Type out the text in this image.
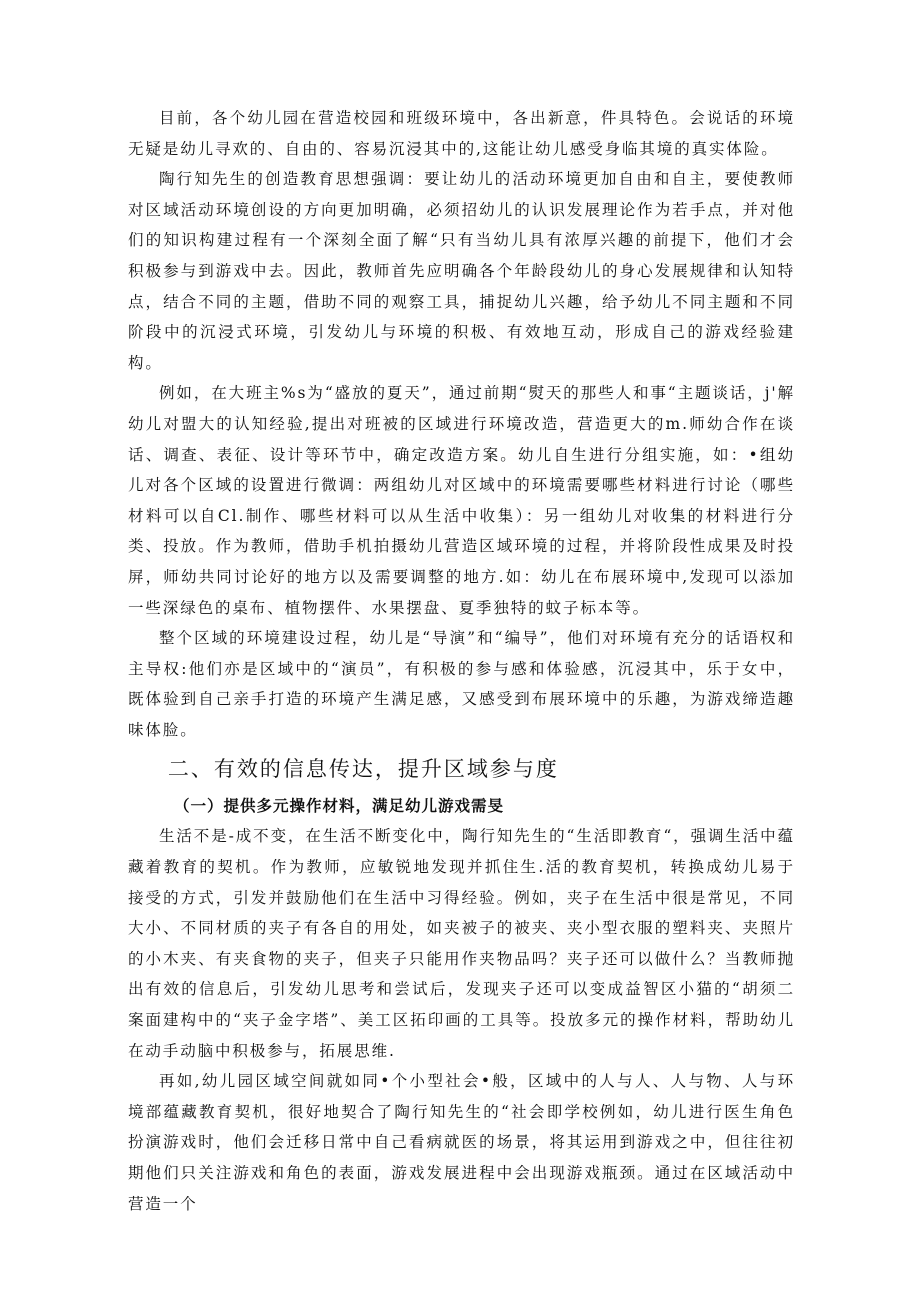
目前，各个幼儿园在营造校园和班级环境中，各出新意，件具特色。会说话的环境无疑是幼儿寻欢的、自由的、容易沉浸其中的,这能让幼儿感受身临其境的真实体险。

陶行知先生的创造教育思想强调：要让幼儿的活动环境更加自由和自主，要使教师对区域活动环境创设的方向更加明确，必须招幼儿的认识发展理论作为若手点，并对他们的知识构建过程有一个深刻全面了解“只有当幼儿具有浓厚兴趣的前提下，他们才会积极参与到游戏中去。因此，教师首先应明确各个年龄段幼儿的身心发展规律和认知特点，结合不同的主题，借助不同的观察工具，捕捉幼儿兴趣，给予幼儿不同主题和不同阶段中的沉浸式环境，引发幼儿与环境的积极、有效地互动，形成自己的游戏经验建构。

例如，在大班主%s为“盛放的夏天”，通过前期“熨天的那些人和事“主题谈话，j'解幼儿对盟大的认知经验,提出对班被的区域进行环境改造，营造更大的m.师幼合作在谈话、调查、表征、设计等环节中，确定改造方案。幼儿自生进行分组实施，如：•组幼儿对各个区域的设置进行微调：两组幼儿对区域中的环境需要哪些材料进行讨论（哪些材料可以自Cl.制作、哪些材料可以从生活中收集）：另一组幼儿对收集的材料进行分类、投放。作为教师，借助手机拍摄幼儿营造区域环境的过程，并将阶段性成果及时投屏，师幼共同讨论好的地方以及需要调整的地方.如：幼儿在布展环境中,发现可以添加一些深绿色的桌布、植物摆件、水果摆盘、夏季独特的蚊子标本等。

整个区域的环境建设过程，幼儿是“导演”和“编导”，他们对环境有充分的话语权和主导权:他们亦是区域中的“演员”，有积极的参与感和体验感，沉浸其中，乐于女中，既体验到自己亲手打造的环境产生满足感，又感受到布展环境中的乐趣，为游戏缔造趣味体脸。

二、有效的信息传达，提升区域参与度
（一）提供多元操作材料，满足幼儿游戏需旻

生活不是-成不变，在生活不断变化中，陶行知先生的“生活即教育“，强调生活中蕴藏着教育的契机。作为教师，应敏锐地发现并抓住生.活的教育契机，转换成幼儿易于接受的方式，引发并鼓励他们在生活中习得经验。例如，夹子在生活中很是常见，不同大小、不同材质的夹子有各自的用处，如夹被子的被夹、夹小型衣服的塑料夹、夹照片的小木夹、有夹食物的夹子，但夹子只能用作夹物品吗？夹子还可以做什么？当教师抛出有效的信息后，引发幼儿思考和尝试后，发现夹子还可以变成益智区小猫的“胡须二案面建构中的“夹子金字塔”、美工区拓印画的工具等。投放多元的操作材料，帮助幼儿在动手动脑中积极参与，拓展思维.

再如,幼儿园区域空间就如同•个小型社会•般，区域中的人与人、人与物、人与环境部蕴藏教育契机，很好地契合了陶行知先生的“社会即学校例如，幼儿进行医生角色扮演游戏时，他们会迁移日常中自己看病就医的场景，将其运用到游戏之中，但往往初期他们只关注游戏和角色的表面，游戏发展进程中会出现游戏瓶颈。通过在区域活动中营造一个
